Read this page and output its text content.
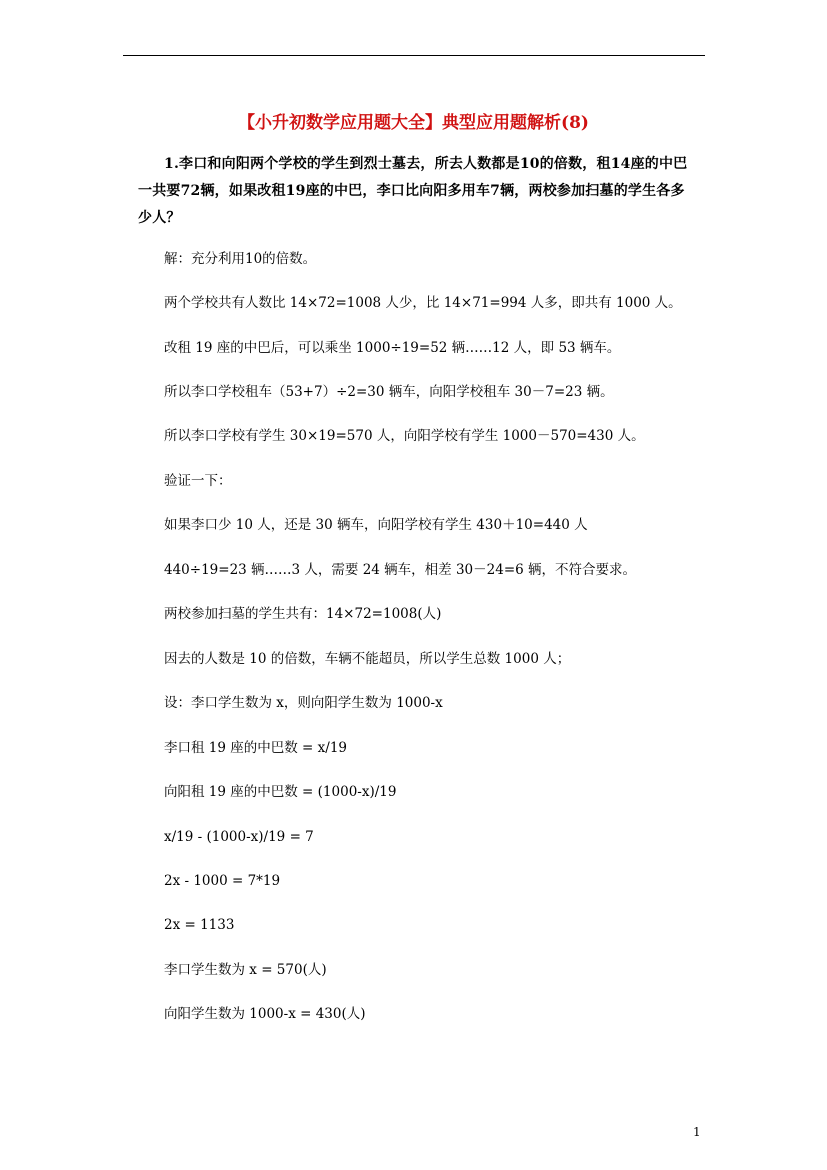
【小升初数学应用题大全】典型应用题解析(8)
1.李口和向阳两个学校的学生到烈士墓去，所去人数都是10的倍数，租14座的中巴一共要72辆，如果改租19座的中巴，李口比向阳多用车7辆，两校参加扫墓的学生各多少人？
解：充分利用10的倍数。
两个学校共有人数比 14×72=1008 人少，比 14×71=994 人多，即共有 1000 人。
改租 19 座的中巴后，可以乘坐 1000÷19=52 辆……12 人，即 53 辆车。
所以李口学校租车（53+7）÷2=30 辆车，向阳学校租车 30－7=23 辆。
所以李口学校有学生 30×19=570 人，向阳学校有学生 1000－570=430 人。
验证一下：
如果李口少 10 人，还是 30 辆车，向阳学校有学生 430＋10=440 人
440÷19=23 辆……3 人，需要 24 辆车，相差 30－24=6 辆，不符合要求。
两校参加扫墓的学生共有：14×72=1008(人)
因去的人数是 10 的倍数，车辆不能超员，所以学生总数 1000 人；
设：李口学生数为 x，则向阳学生数为 1000-x
李口租 19 座的中巴数 = x/19
向阳租 19 座的中巴数 = (1000-x)/19
x/19 - (1000-x)/19 = 7
2x - 1000 = 7*19
2x = 1133
李口学生数为 x = 570(人)
向阳学生数为 1000-x = 430(人)
1
